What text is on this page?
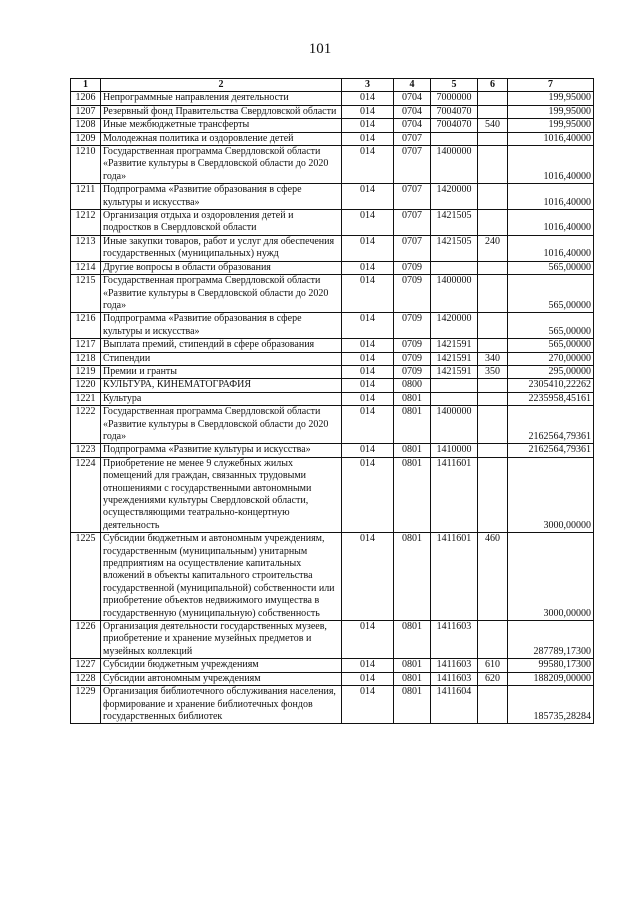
101
1	2	3	4	5	6	7
1206	Непрограммные направления деятельности	014	0704	7000000		199,95000
1207	Резервный фонд Правительства Свердловской области	014	0704	7004070		199,95000
1208	Иные межбюджетные трансферты	014	0704	7004070	540	199,95000
1209	Молодежная политика и оздоровление детей	014	0707			1016,40000
1210	Государственная программа Свердловской области «Развитие культуры в Свердловской области до 2020 года»	014	0707	1400000		1016,40000
1211	Подпрограмма «Развитие образования в сфере культуры и искусства»	014	0707	1420000		1016,40000
1212	Организация отдыха и оздоровления детей и подростков в Свердловской области	014	0707	1421505		1016,40000
1213	Иные закупки товаров, работ и услуг для обеспечения государственных (муниципальных) нужд	014	0707	1421505	240	1016,40000
1214	Другие вопросы в области образования	014	0709			565,00000
1215	Государственная программа Свердловской области «Развитие культуры в Свердловской области до 2020 года»	014	0709	1400000		565,00000
1216	Подпрограмма «Развитие образования в сфере культуры и искусства»	014	0709	1420000		565,00000
1217	Выплата премий, стипендий в сфере образования	014	0709	1421591		565,00000
1218	Стипендии	014	0709	1421591	340	270,00000
1219	Премии и гранты	014	0709	1421591	350	295,00000
1220	КУЛЬТУРА, КИНЕМАТОГРАФИЯ	014	0800			2305410,22262
1221	Культура	014	0801			2235958,45161
1222	Государственная программа Свердловской области «Развитие культуры в Свердловской области до 2020 года»	014	0801	1400000		2162564,79361
1223	Подпрограмма «Развитие культуры и искусства»	014	0801	1410000		2162564,79361
1224	Приобретение не менее 9 служебных жилых помещений для граждан, связанных трудовыми отношениями с государственными автономными учреждениями культуры Свердловской области, осуществляющими театрально-концертную деятельность	014	0801	1411601		3000,00000
1225	Субсидии бюджетным и автономным учреждениям, государственным (муниципальным) унитарным предприятиям на осуществление капитальных вложений в объекты капитального строительства государственной (муниципальной) собственности или приобретение объектов недвижимого имущества в государственную (муниципальную) собственность	014	0801	1411601	460	3000,00000
1226	Организация деятельности государственных музеев, приобретение и хранение музейных предметов и музейных коллекций	014	0801	1411603		287789,17300
1227	Субсидии бюджетным учреждениям	014	0801	1411603	610	99580,17300
1228	Субсидии автономным учреждениям	014	0801	1411603	620	188209,00000
1229	Организация библиотечного обслуживания населения, формирование и хранение библиотечных фондов государственных библиотек	014	0801	1411604		185735,28284
